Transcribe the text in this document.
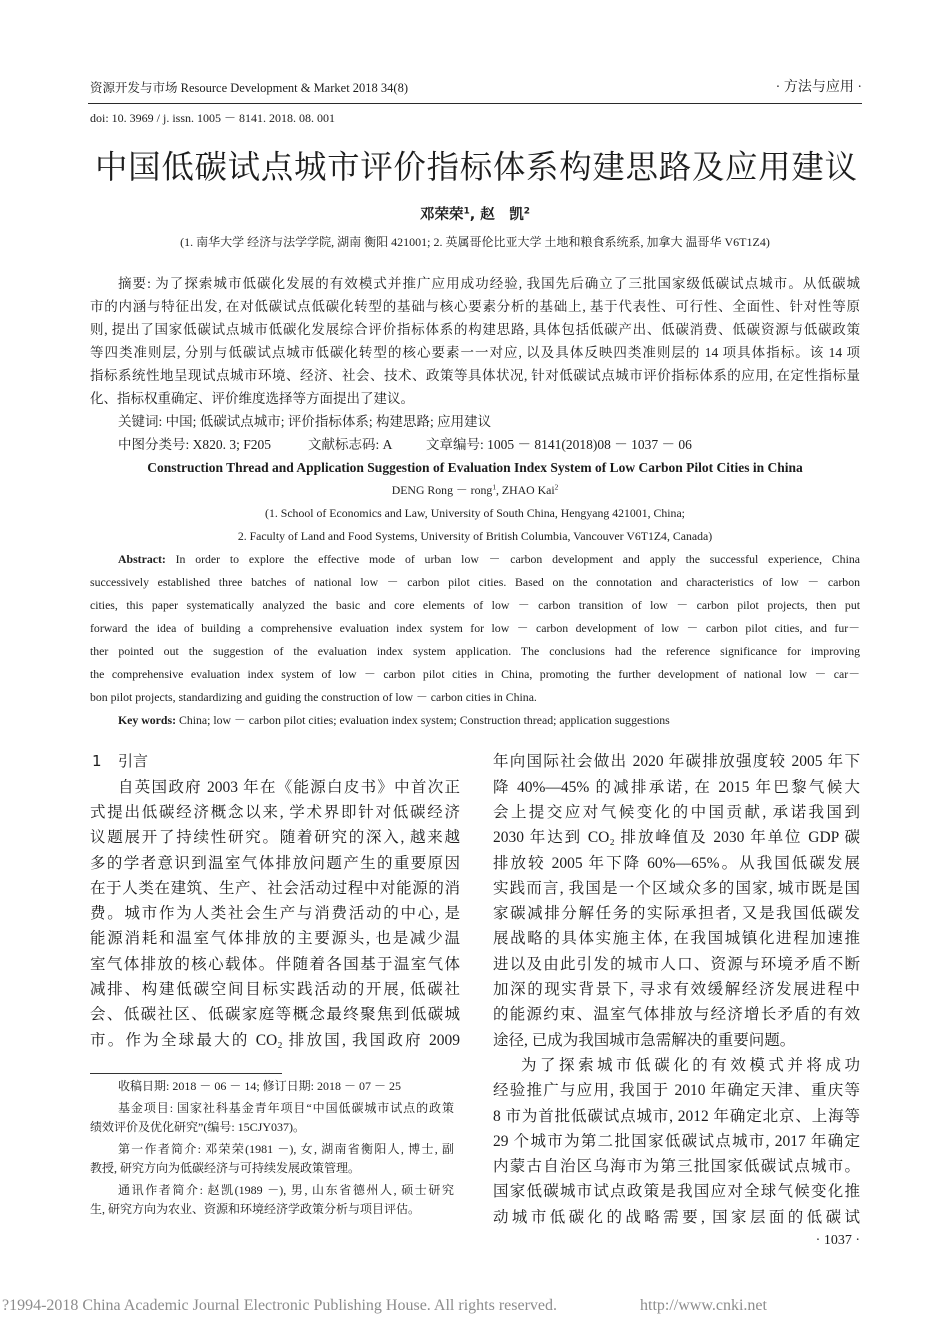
资源开发与市场 Resource Development & Market 2018 34(8)	· 方法与应用 ·
doi: 10. 3969 / j. issn. 1005 － 8141. 2018. 08. 001
中国低碳试点城市评价指标体系构建思路及应用建议
邓荣荣$^1$, 赵　凯$^2$
(1. 南华大学 经济与法学学院, 湖南 衡阳 421001; 2. 英属哥伦比亚大学 土地和粮食系统系, 加拿大 温哥华 V6T1Z4)
摘要: 为了探索城市低碳化发展的有效模式并推广应用成功经验, 我国先后确立了三批国家级低碳试点城市。从低碳城
市的内涵与特征出发, 在对低碳试点低碳化转型的基础与核心要素分析的基础上, 基于代表性、可行性、全面性、针对性等原
则, 提出了国家低碳试点城市低碳化发展综合评价指标体系的构建思路, 具体包括低碳产出、低碳消费、低碳资源与低碳政策
等四类准则层, 分别与低碳试点城市低碳化转型的核心要素一一对应, 以及具体反映四类准则层的 14 项具体指标。该 14 项
指标系统性地呈现试点城市环境、经济、社会、技术、政策等具体状况, 针对低碳试点城市评价指标体系的应用, 在定性指标量
化、指标权重确定、评价维度选择等方面提出了建议。
关键词: 中国; 低碳试点城市; 评价指标体系; 构建思路; 应用建议
中图分类号: X820. 3; F205	文献标志码: A 文章编号: 1005 － 8141(2018)08 － 1037 － 06
Construction Thread and Application Suggestion of Evaluation Index System of Low Carbon Pilot Cities in China
DENG Rong － rong$^1$, ZHAO Kai$^2$
(1. School of Economics and Law, University of South China, Hengyang 421001, China;
2. Faculty of Land and Food Systems, University of British Columbia, Vancouver V6T1Z4, Canada)
Abstract: In order to explore the effective mode of urban low － carbon development and apply the successful experience, China
successively established three batches of national low － carbon pilot cities. Based on the connotation and characteristics of low － carbon
cities, this paper systematically analyzed the basic and core elements of low － carbon transition of low － carbon pilot projects, then put
forward the idea of building a comprehensive evaluation index system for low － carbon development of low － carbon pilot cities, and fur－
ther pointed out the suggestion of the evaluation index system application. The conclusions had the reference significance for improving
the comprehensive evaluation index system of low － carbon pilot cities in China, promoting the further development of national low － car－
bon pilot projects, standardizing and guiding the construction of low － carbon cities in China.
Key words: China; low － carbon pilot cities; evaluation index system; Construction thread; application suggestions
1 引言
自英国政府 2003 年在《能源白皮书》中首次正
式提出低碳经济概念以来, 学术界即针对低碳经济
议题展开了持续性研究。随着研究的深入, 越来越
多的学者意识到温室气体排放问题产生的重要原因
在于人类在建筑、生产、社会活动过程中对能源的消
费。城市作为人类社会生产与消费活动的中心, 是
能源消耗和温室气体排放的主要源头, 也是减少温
室气体排放的核心载体。伴随着各国基于温室气体
减排、构建低碳空间目标实践活动的开展, 低碳社
会、低碳社区、低碳家庭等概念最终聚焦到低碳城
市。作为全球最大的 CO₂ 排放国, 我国政府 2009
年向国际社会做出 2020 年碳排放强度较 2005 年下
降 40%—45% 的减排承诺, 在 2015 年巴黎气候大
会上提交应对气候变化的中国贡献, 承诺我国到
2030 年达到 CO₂ 排放峰值及 2030 年单位 GDP 碳
排放较 2005 年下降 60%—65%。从我国低碳发展
实践而言, 我国是一个区域众多的国家, 城市既是国
家碳减排分解任务的实际承担者, 又是我国低碳发
展战略的具体实施主体, 在我国城镇化进程加速推
进以及由此引发的城市人口、资源与环境矛盾不断
加深的现实背景下, 寻求有效缓解经济发展进程中
的能源约束、温室气体排放与经济增长矛盾的有效
途径, 已成为我国城市急需解决的重要问题。
为了探索城市低碳化的有效模式并将成功
经验推广与应用, 我国于 2010 年确定天津、重庆等
8 市为首批低碳试点城市, 2012 年确定北京、上海等
29 个城市为第二批国家低碳试点城市, 2017 年确定
内蒙古自治区乌海市为第三批国家低碳试点城市。
国家低碳城市试点政策是我国应对全球气候变化推
动城市低碳化的战略需要, 国家层面的低碳试
收稿日期: 2018 － 06 － 14; 修订日期: 2018 － 07 － 25
基金项目: 国家社科基金青年项目“中国低碳城市试点的政策
绩效评价及优化研究”(编号: 15CJY037)。
第一作者简介: 邓荣荣(1981 －), 女, 湖南省衡阳人, 博士, 副
教授, 研究方向为低碳经济与可持续发展政策管理。
通讯作者简介: 赵凯(1989 －), 男, 山东省德州人, 硕士研究
生, 研究方向为农业、资源和环境经济学政策分析与项目评估。
· 1037 ·
?1994-2018 China Academic Journal Electronic Publishing House. All rights reserved.	http://www.cnki.net
